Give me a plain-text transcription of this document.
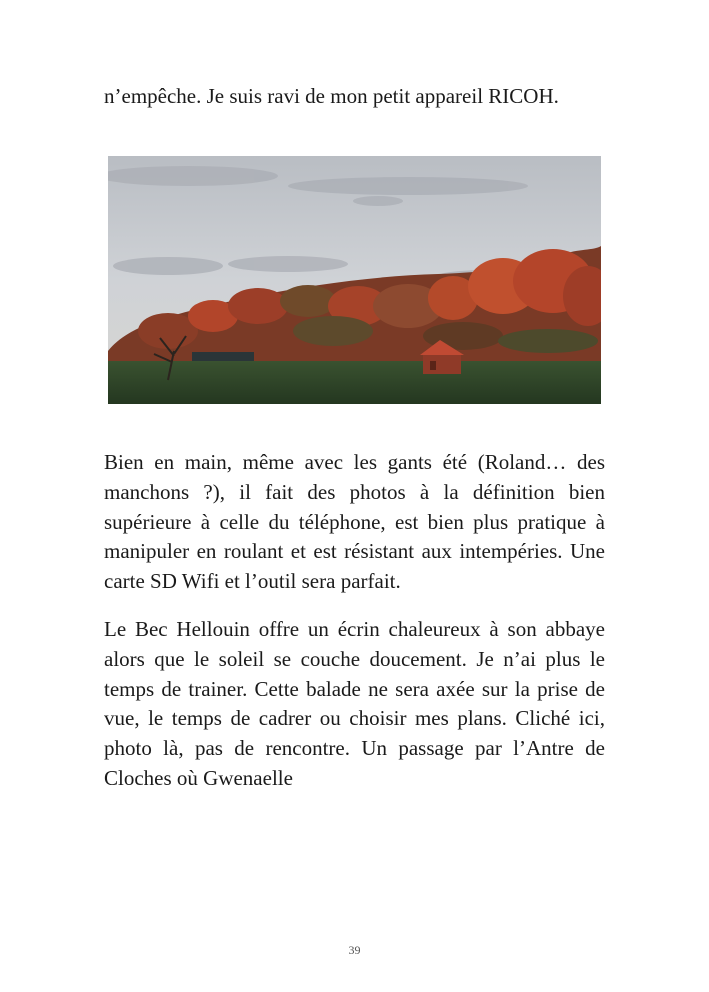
n’empêche. Je suis ravi de mon petit appareil RICOH.

Bien en main, même avec les gants été (Roland… des manchons ?), il fait des photos à la définition bien supérieure à celle du téléphone, est bien plus pratique à manipuler en roulant et est résistant aux intempéries. Une carte SD Wifi et l’outil sera parfait.

Le Bec Hellouin offre un écrin chaleureux à son abbaye alors que le soleil se couche doucement. Je n’ai plus le temps de trainer. Cette balade ne sera axée sur la prise de vue, le temps de cadrer ou choisir mes plans. Cliché ici, photo là, pas de rencontre. Un passage par l’Antre de Cloches où Gwenaelle

39
